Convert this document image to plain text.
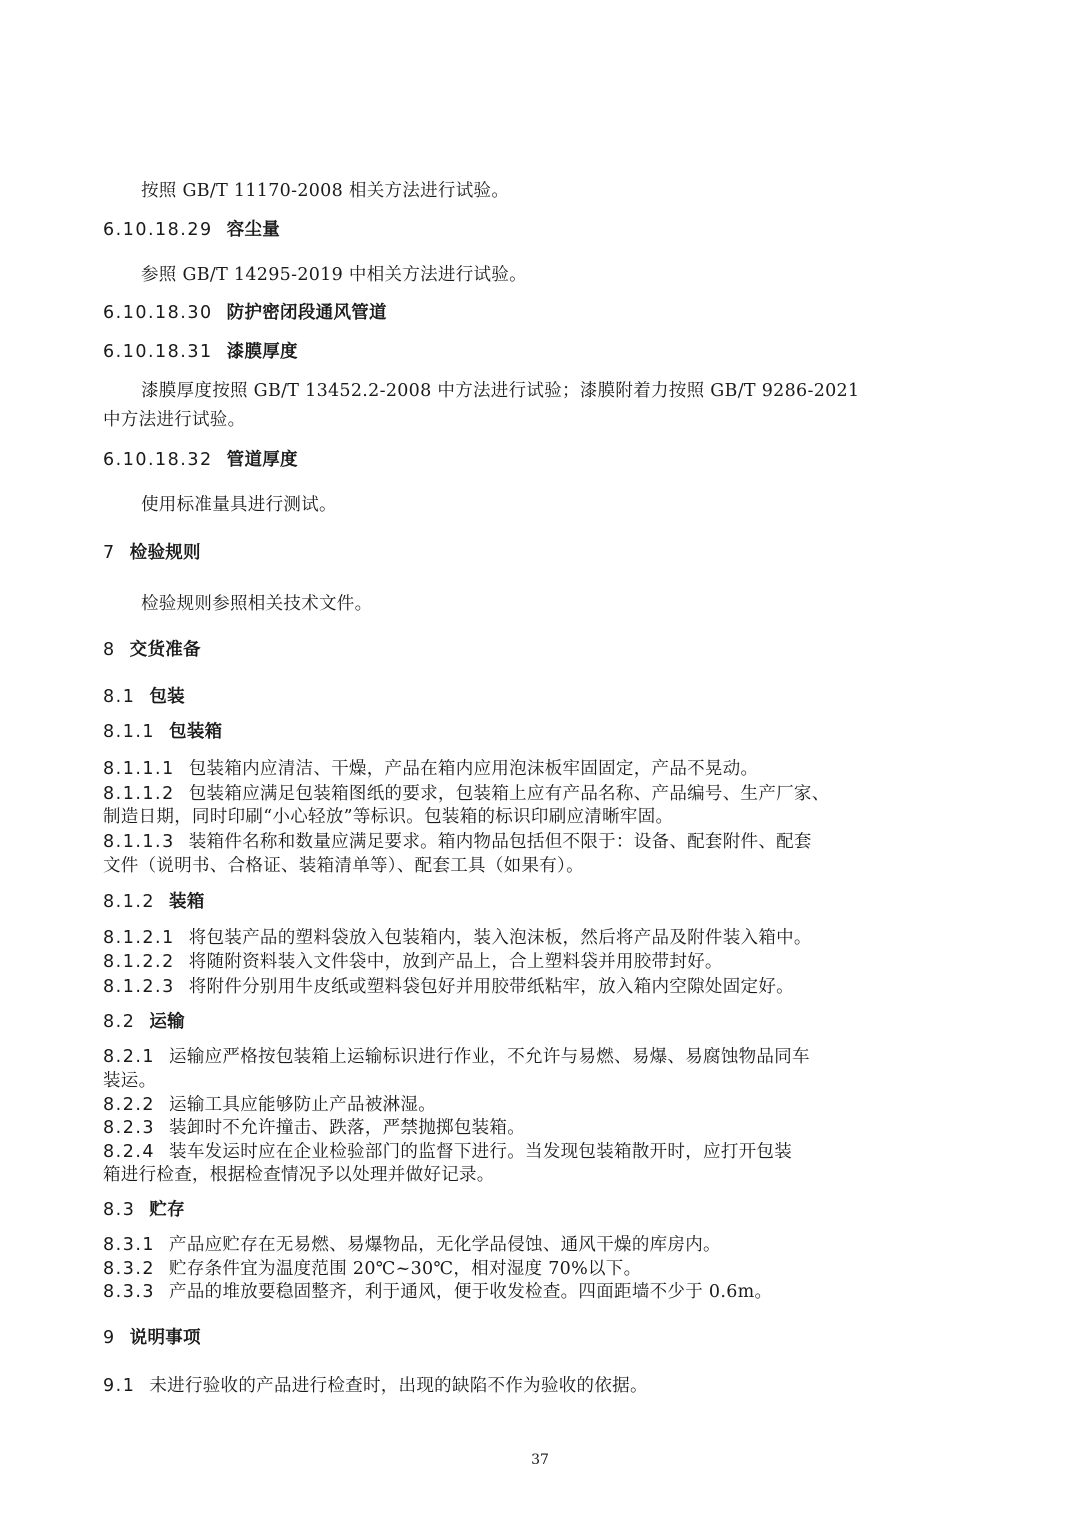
按照 GB/T 11170-2008 相关方法进行试验。

6.10.18.29 容尘量

参照 GB/T 14295-2019 中相关方法进行试验。

6.10.18.30 防护密闭段通风管道

6.10.18.31 漆膜厚度

漆膜厚度按照 GB/T 13452.2-2008 中方法进行试验；漆膜附着力按照 GB/T 9286-2021

中方法进行试验。

6.10.18.32 管道厚度

使用标准量具进行测试。

7 检验规则

检验规则参照相关技术文件。

8 交货准备

8.1 包装

8.1.1 包装箱

8.1.1.1 包装箱内应清洁、干燥，产品在箱内应用泡沫板牢固固定，产品不晃动。

8.1.1.2 包装箱应满足包装箱图纸的要求，包装箱上应有产品名称、产品编号、生产厂家、

制造日期，同时印刷“小心轻放”等标识。包装箱的标识印刷应清晰牢固。

8.1.1.3 装箱件名称和数量应满足要求。箱内物品包括但不限于：设备、配套附件、配套

文件（说明书、合格证、装箱清单等）、配套工具（如果有）。

8.1.2 装箱

8.1.2.1 将包装产品的塑料袋放入包装箱内，装入泡沫板，然后将产品及附件装入箱中。

8.1.2.2 将随附资料装入文件袋中，放到产品上，合上塑料袋并用胶带封好。

8.1.2.3 将附件分别用牛皮纸或塑料袋包好并用胶带纸粘牢，放入箱内空隙处固定好。

8.2 运输

8.2.1 运输应严格按包装箱上运输标识进行作业，不允许与易燃、易爆、易腐蚀物品同车

装运。

8.2.2 运输工具应能够防止产品被淋湿。

8.2.3 装卸时不允许撞击、跌落，严禁抛掷包装箱。

8.2.4 装车发运时应在企业检验部门的监督下进行。当发现包装箱散开时，应打开包装

箱进行检查，根据检查情况予以处理并做好记录。

8.3 贮存

8.3.1 产品应贮存在无易燃、易爆物品，无化学品侵蚀、通风干燥的库房内。

8.3.2 贮存条件宜为温度范围 20℃~30℃，相对湿度 70%以下。

8.3.3 产品的堆放要稳固整齐，利于通风，便于收发检查。四面距墙不少于 0.6m。

9 说明事项

9.1 未进行验收的产品进行检查时，出现的缺陷不作为验收的依据。

37
